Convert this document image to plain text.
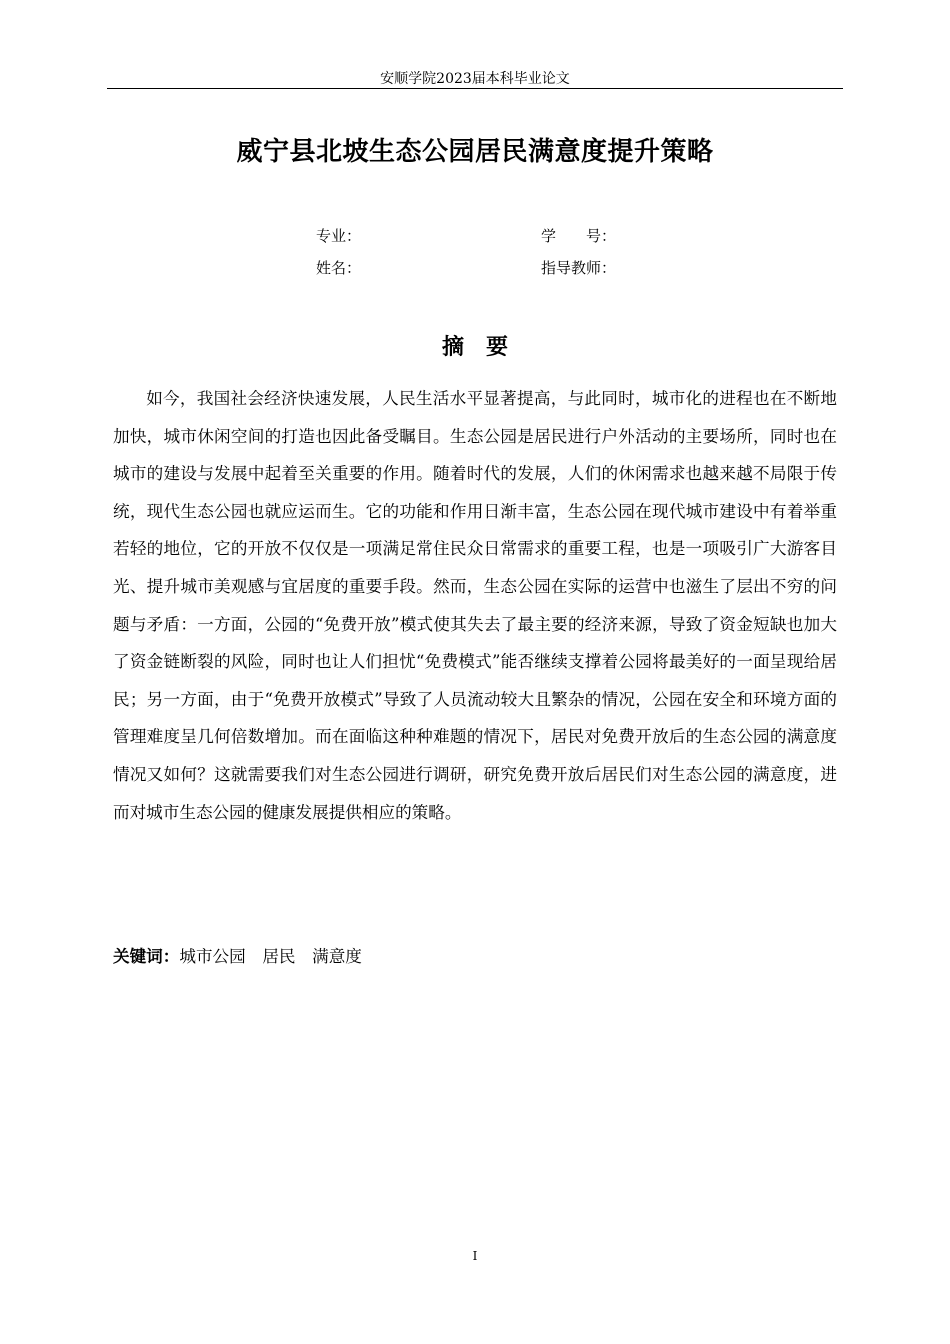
安顺学院2023届本科毕业论文
威宁县北坡生态公园居民满意度提升策略
专业：	学　　号：
姓名：	指导教师：
摘　要

如今，我国社会经济快速发展，人民生活水平显著提高，与此同时，城市化的进程也在不断地加快，城市休闲空间的打造也因此备受瞩目。生态公园是居民进行户外活动的主要场所，同时也在城市的建设与发展中起着至关重要的作用。随着时代的发展，人们的休闲需求也越来越不局限于传统，现代生态公园也就应运而生。它的功能和作用日渐丰富，生态公园在现代城市建设中有着举重若轻的地位，它的开放不仅仅是一项满足常住民众日常需求的重要工程，也是一项吸引广大游客目光、提升城市美观感与宜居度的重要手段。然而，生态公园在实际的运营中也滋生了层出不穷的问题与矛盾：一方面，公园的“免费开放”模式使其失去了最主要的经济来源，导致了资金短缺也加大了资金链断裂的风险，同时也让人们担忧“免费模式”能否继续支撑着公园将最美好的一面呈现给居民；另一方面，由于“免费开放模式”导致了人员流动较大且繁杂的情况，公园在安全和环境方面的管理难度呈几何倍数增加。而在面临这种种难题的情况下，居民对免费开放后的生态公园的满意度情况又如何？这就需要我们对生态公园进行调研，研究免费开放后居民们对生态公园的满意度，进而对城市生态公园的健康发展提供相应的策略。

关键词：城市公园　居民　满意度
I
